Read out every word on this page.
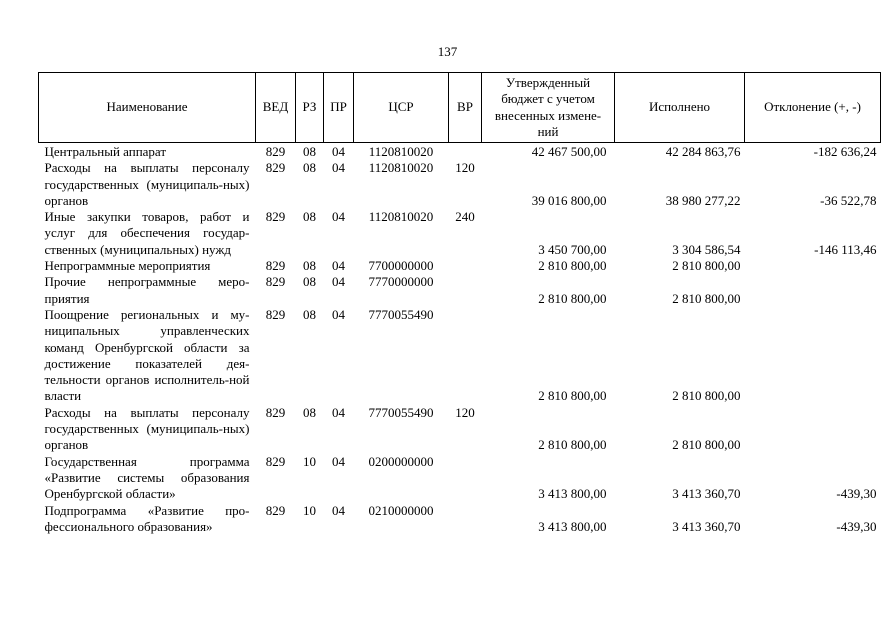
137
Наименование	ВЕД	РЗ	ПР	ЦСР	ВР	Утвержденный бюджет с учетом внесенных измене-ний	Исполнено	Отклонение (+, -)
Центральный аппарат	829	08	04	1120810020		42 467 500,00	42 284 863,76	-182 636,24
Расходы на выплаты персоналу государственных (муниципаль-ных) органов	829	08	04	1120810020	120	39 016 800,00	38 980 277,22	-36 522,78
Иные закупки товаров, работ и услуг для обеспечения государ-ственных (муниципальных) нужд	829	08	04	1120810020	240	3 450 700,00	3 304 586,54	-146 113,46
Непрограммные мероприятия	829	08	04	7700000000		2 810 800,00	2 810 800,00	
Прочие непрограммные меро-приятия	829	08	04	7770000000		2 810 800,00	2 810 800,00	
Поощрение региональных и му-ниципальных управленческих команд Оренбургской области за достижение показателей дея-тельности органов исполнитель-ной власти	829	08	04	7770055490		2 810 800,00	2 810 800,00	
Расходы на выплаты персоналу государственных (муниципаль-ных) органов	829	08	04	7770055490	120	2 810 800,00	2 810 800,00	
Государственная программа «Развитие системы образования Оренбургской области»	829	10	04	0200000000		3 413 800,00	3 413 360,70	-439,30
Подпрограмма «Развитие про-фессионального образования»	829	10	04	0210000000		3 413 800,00	3 413 360,70	-439,30
